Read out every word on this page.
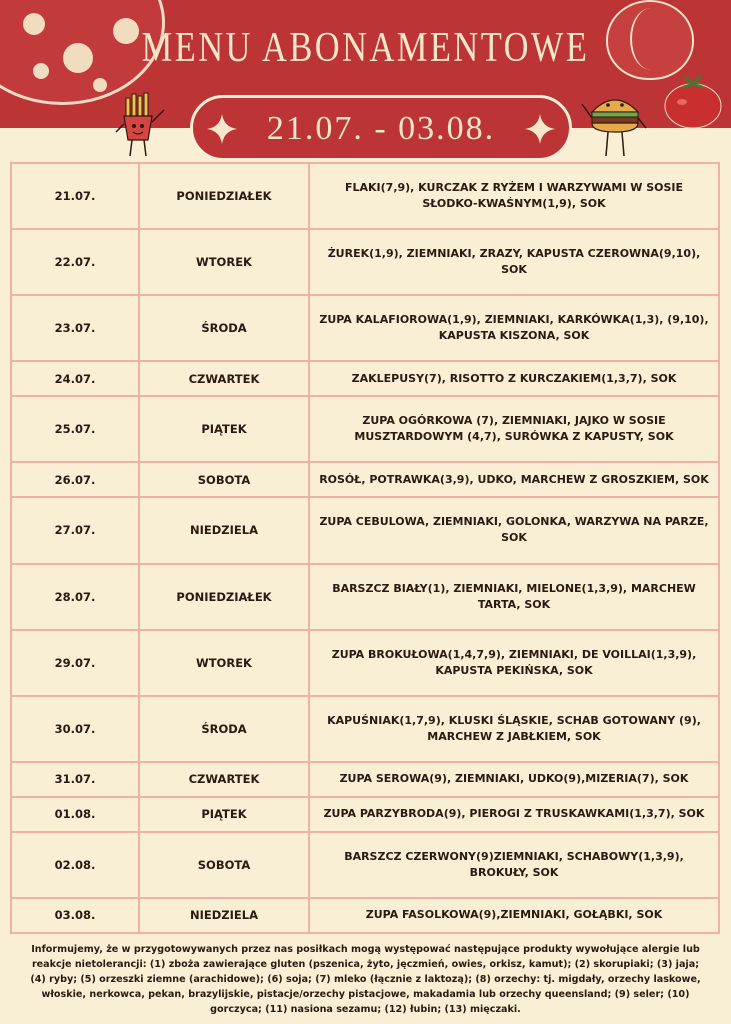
MENU ABONAMENTOWE
21.07. - 03.08.
21.07.	PONIEDZIAŁEK	FLAKI(7,9), KURCZAK Z RYŻEM I WARZYWAMI W SOSIE SŁODKO-KWAŚNYM(1,9), SOK
22.07.	WTOREK	ŻUREK(1,9), ZIEMNIAKI, ZRAZY, KAPUSTA CZEROWNA(9,10), SOK
23.07.	ŚRODA	ZUPA KALAFIOROWA(1,9), ZIEMNIAKI, KARKÓWKA(1,3), (9,10), KAPUSTA KISZONA, SOK
24.07.	CZWARTEK	ZAKLEPUSY(7), RISOTTO Z KURCZAKIEM(1,3,7), SOK
25.07.	PIĄTEK	ZUPA OGÓRKOWA (7), ZIEMNIAKI, JAJKO W SOSIE MUSZTARDOWYM (4,7), SURÓWKA Z KAPUSTY, SOK
26.07.	SOBOTA	ROSÓŁ, POTRAWKA(3,9), UDKO, MARCHEW Z GROSZKIEM, SOK
27.07.	NIEDZIELA	ZUPA CEBULOWA, ZIEMNIAKI, GOLONKA, WARZYWA NA PARZE, SOK
28.07.	PONIEDZIAŁEK	BARSZCZ BIAŁY(1), ZIEMNIAKI, MIELONE(1,3,9), MARCHEW TARTA, SOK
29.07.	WTOREK	ZUPA BROKUŁOWA(1,4,7,9), ZIEMNIAKI, DE VOILLAI(1,3,9), KAPUSTA PEKIŃSKA, SOK
30.07.	ŚRODA	KAPUŚNIAK(1,7,9), KLUSKI ŚLĄSKIE, SCHAB GOTOWANY (9), MARCHEW Z JABŁKIEM, SOK
31.07.	CZWARTEK	ZUPA SEROWA(9), ZIEMNIAKI, UDKO(9),MIZERIA(7), SOK
01.08.	PIĄTEK	ZUPA PARZYBRODA(9), PIEROGI Z TRUSKAWKAMI(1,3,7), SOK
02.08.	SOBOTA	BARSZCZ CZERWONY(9)ZIEMNIAKI, SCHABOWY(1,3,9), BROKUŁY, SOK
03.08.	NIEDZIELA	ZUPA FASOLKOWA(9),ZIEMNIAKI, GOŁĄBKI, SOK
Informujemy, że w przygotowywanych przez nas posiłkach mogą występować następujące produkty wywołujące alergie lub reakcje nietolerancji: (1) zboża zawierające gluten (pszenica, żyto, jęczmień, owies, orkisz, kamut); (2) skorupiaki; (3) jaja; (4) ryby; (5) orzeszki ziemne (arachidowe); (6) soja; (7) mleko (łącznie z laktozą); (8) orzechy: tj. migdały, orzechy laskowe, włoskie, nerkowca, pekan, brazylijskie, pistacje/orzechy pistacjowe, makadamia lub orzechy queensland; (9) seler; (10) gorczyca; (11) nasiona sezamu; (12) łubin; (13) mięczaki.
